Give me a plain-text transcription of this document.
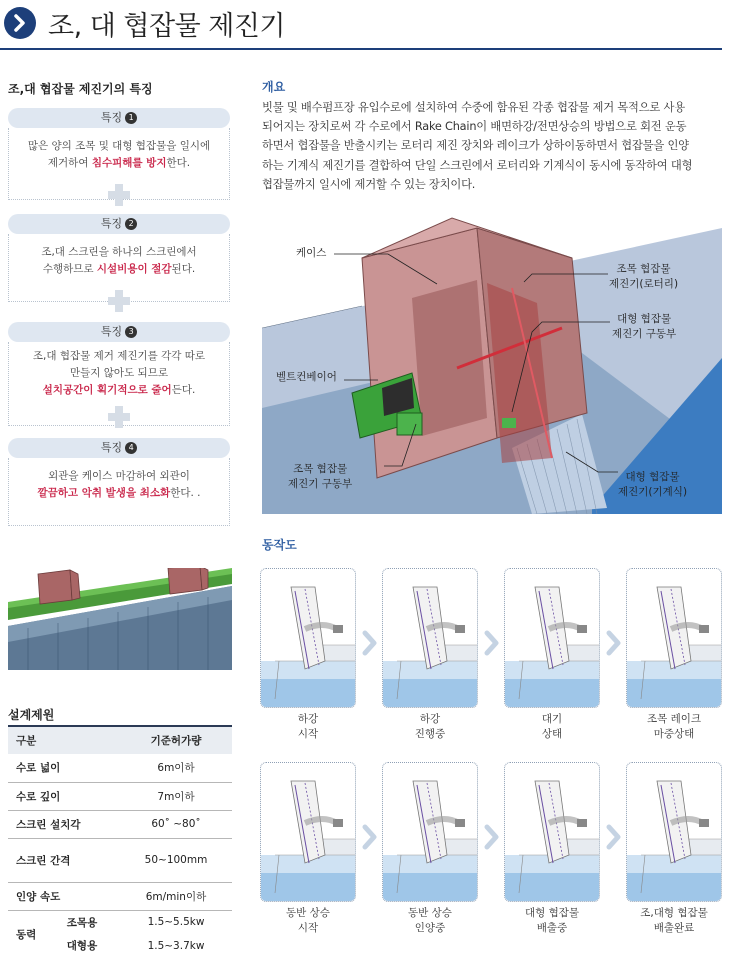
조, 대 협잡물 제진기
조,대 협잡물 제진기의 특징
특징 1
많은 양의 조목 및 대형 협잡물을 일시에
제거하여 침수피해를 방지한다.
특징 2
조,대 스크린을 하나의 스크린에서
수행하므로 시설비용이 절감된다.
특징 3
조,대 협잡물 제거 제진기를 각각 따로
만들지 않아도 되므로
설치공간이 획기적으로 줄어든다.
특징 4
외관을 케이스 마감하여 외관이
깔끔하고 악취 발생을 최소화한다. .
설계제원
구분		기준허가량
수로 넓이		6m이하
수로 깊이		7m이하
스크린 설치각		60˚ ~80˚
스크린 간격		50~100mm
인양 속도		6m/min이하
동력	조목용	1.5~5.5kw
	대형용	1.5~3.7kw
개요
빗물 및 배수펌프장 유입수로에 설치하여 수중에 함유된 각종 협잡물 제거 목적으로 사용
되어지는 장치로써 각 수로에서 Rake Chain이 배면하강/전면상승의 방법으로 회전 운동
하면서 협잡물을 반출시키는 로터리 제진 장치와 레이크가 상하이동하면서 협잡물을 인양
하는 기계식 제진기를 결합하여 단일 스크린에서 로터리와 기계식이 동시에 동작하여 대형
협잡물까지 일시에 제거할 수 있는 장치이다.
케이스
조목 협잡물
제진기(로터리)
대형 협잡물
제진기 구동부
벨트컨베이어
조목 협잡물
제진기 구동부
대형 협잡물
제진기(기계식)
동작도
하강
시작
하강
진행중
대기
상태
조목 레이크
마중상태
동반 상승
시작
동반 상승
인양중
대형 협잡물
배출중
조,대형 협잡물
배출완료
